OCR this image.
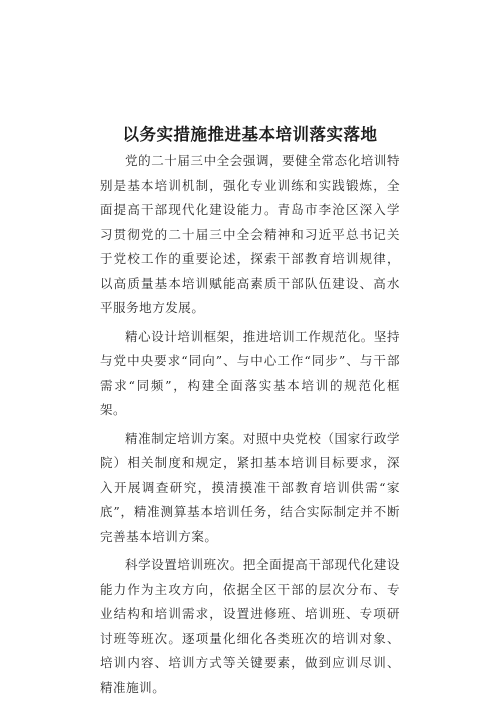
以务实措施推进基本培训落实落地

党的二十届三中全会强调，要健全常态化培训特别是基本培训机制，强化专业训练和实践锻炼，全面提高干部现代化建设能力。青岛市李沧区深入学习贯彻党的二十届三中全会精神和习近平总书记关于党校工作的重要论述，探索干部教育培训规律，以高质量基本培训赋能高素质干部队伍建设、高水平服务地方发展。

精心设计培训框架，推进培训工作规范化。坚持与党中央要求“同向”、与中心工作“同步”、与干部需求“同频”，构建全面落实基本培训的规范化框架。

精准制定培训方案。对照中央党校（国家行政学院）相关制度和规定，紧扣基本培训目标要求，深入开展调查研究，摸清摸准干部教育培训供需“家底”，精准测算基本培训任务，结合实际制定并不断完善基本培训方案。

科学设置培训班次。把全面提高干部现代化建设能力作为主攻方向，依据全区干部的层次分布、专业结构和培训需求，设置进修班、培训班、专项研讨班等班次。逐项量化细化各类班次的培训对象、培训内容、培训方式等关键要素，做到应训尽训、精准施训。
